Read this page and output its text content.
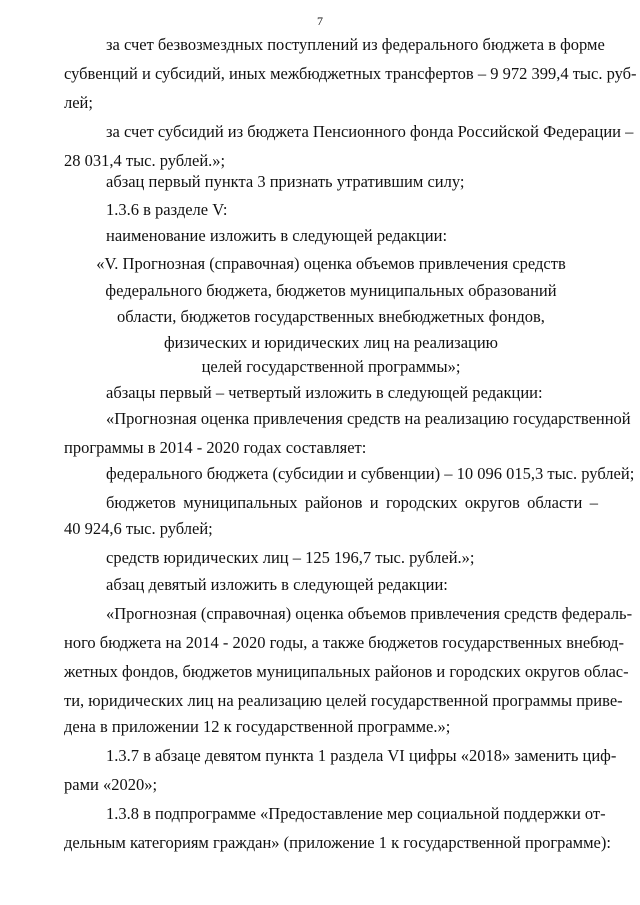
7
за счет безвозмездных поступлений из федерального бюджета в форме
субвенций и субсидий, иных межбюджетных трансфертов – 9 972 399,4 тыс. руб-
лей;
за счет субсидий из бюджета Пенсионного фонда Российской Федерации –
28 031,4 тыс. рублей.»;
абзац первый пункта 3 признать утратившим силу;
1.3.6 в разделе V:
наименование изложить в следующей редакции:
«V. Прогнозная (справочная) оценка объемов привлечения средств
федерального бюджета, бюджетов муниципальных образований
области, бюджетов государственных внебюджетных фондов,
физических и юридических лиц на реализацию
целей государственной программы»;
абзацы первый – четвертый изложить в следующей редакции:
«Прогнозная оценка привлечения средств на реализацию государственной
программы в 2014 - 2020 годах составляет:
федерального бюджета (субсидии и субвенции) – 10 096 015,3 тыс. рублей;
бюджетов муниципальных районов и городских округов области –
40 924,6 тыс. рублей;
средств юридических лиц – 125 196,7 тыс. рублей.»;
абзац девятый изложить в следующей редакции:
«Прогнозная (справочная) оценка объемов привлечения средств федераль-
ного бюджета на 2014 - 2020 годы, а также бюджетов государственных внебюд-
жетных фондов, бюджетов муниципальных районов и городских округов облас-
ти, юридических лиц на реализацию целей государственной программы приве-
дена в приложении 12 к государственной программе.»;
1.3.7 в абзаце девятом пункта 1 раздела VI цифры «2018» заменить циф-
рами «2020»;
1.3.8 в подпрограмме «Предоставление мер социальной поддержки от-
дельным категориям граждан» (приложение 1 к государственной программе):
